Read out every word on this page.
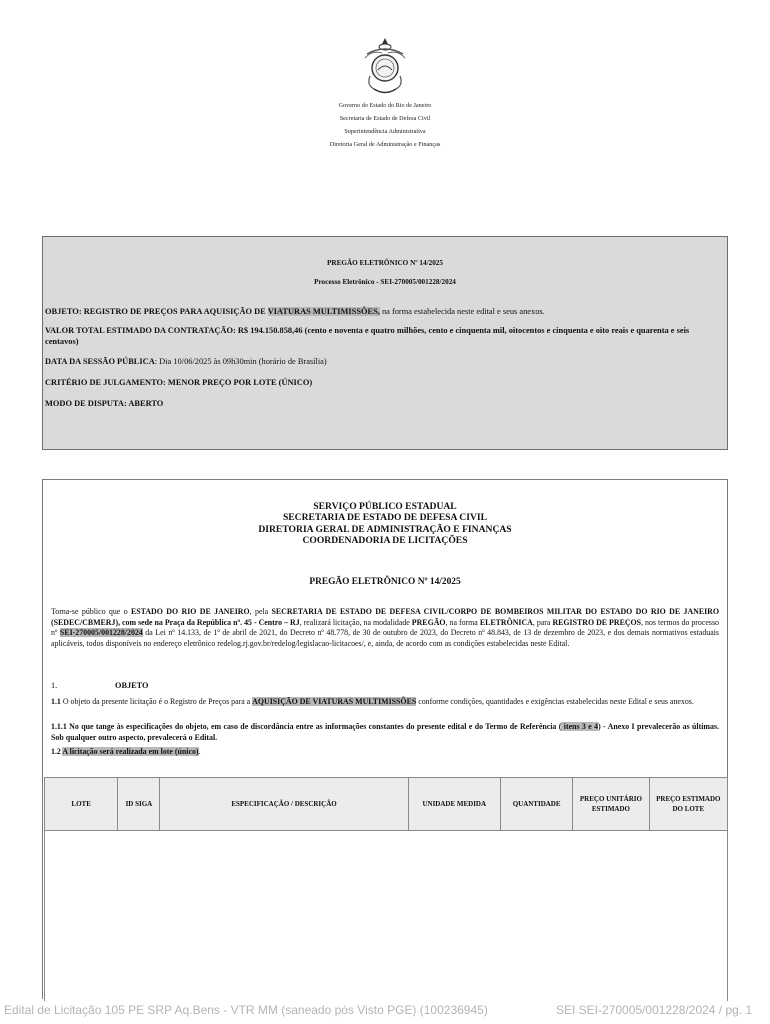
Governo do Estado do Rio de Janeiro
Secretaria de Estado de Defesa Civil
Superintendência Administrativa
Diretoria Geral de Administração e Finanças
PREGÃO ELETRÔNICO Nº 14/2025
Processo Eletrônico - SEI-270005/001228/2024
OBJETO: REGISTRO DE PREÇOS PARA AQUISIÇÃO DE VIATURAS MULTIMISSÕES, na forma estabelecida neste edital e seus anexos.
VALOR TOTAL ESTIMADO DA CONTRATAÇÃO: R$ 194.150.858,46 (cento e noventa e quatro milhões, cento e cinquenta mil, oitocentos e cinquenta e oito reais e quarenta e seis centavos)
DATA DA SESSÃO PÚBLICA: Dia 10/06/2025 às 09h30min (horário de Brasília)
CRITÉRIO DE JULGAMENTO: MENOR PREÇO POR LOTE (ÚNICO)
MODO DE DISPUTA: ABERTO
SERVIÇO PÚBLICO ESTADUAL
SECRETARIA DE ESTADO DE DEFESA CIVIL
DIRETORIA GERAL DE ADMINISTRAÇÃO E FINANÇAS
COORDENADORIA DE LICITAÇÕES
PREGÃO ELETRÔNICO Nº 14/2025
Torna-se público que o ESTADO DO RIO DE JANEIRO, pela SECRETARIA DE ESTADO DE DEFESA CIVIL/CORPO DE BOMBEIROS MILITAR DO ESTADO DO RIO DE JANEIRO (SEDEC/CBMERJ), com sede na Praça da República nº. 45 - Centro – RJ, realizará licitação, na modalidade PREGÃO, na forma ELETRÔNICA, para REGISTRO DE PREÇOS, nos termos do processo nº SEI-270005/001228/2024 da Lei nº 14.133, de 1º de abril de 2021, do Decreto nº 48.778, de 30 de outubro de 2023, do Decreto nº 48.843, de 13 de dezembro de 2023, e dos demais normativos estaduais aplicáveis, todos disponíveis no endereço eletrônico redelog.rj.gov.br/redelog/legislacao-licitacoes/, e, ainda, de acordo com as condições estabelecidas neste Edital.
1.	OBJETO
1.1 O objeto da presente licitação é o Registro de Preços para a AQUISIÇÃO DE VIATURAS MULTIMISSÕES conforme condições, quantidades e exigências estabelecidas neste Edital e seus anexos.
1.1.1 No que tange às especificações do objeto, em caso de discordância entre as informações constantes do presente edital e do Termo de Referência ( itens 3 e 4) - Anexo I prevalecerão as últimas. Sob qualquer outro aspecto, prevalecerá o Edital.
1.2 A licitação será realizada em lote (único).
LOTE	ID SIGA	ESPECIFICAÇÃO / DESCRIÇÃO	UNIDADE MEDIDA	QUANTIDADE	PREÇO UNITÁRIO ESTIMADO	PREÇO ESTIMADO DO LOTE

Edital de Licitação 105 PE SRP Aq.Bens - VTR MM (saneado pós Visto PGE) (100236945)	SEI SEI-270005/001228/2024 / pg. 1
